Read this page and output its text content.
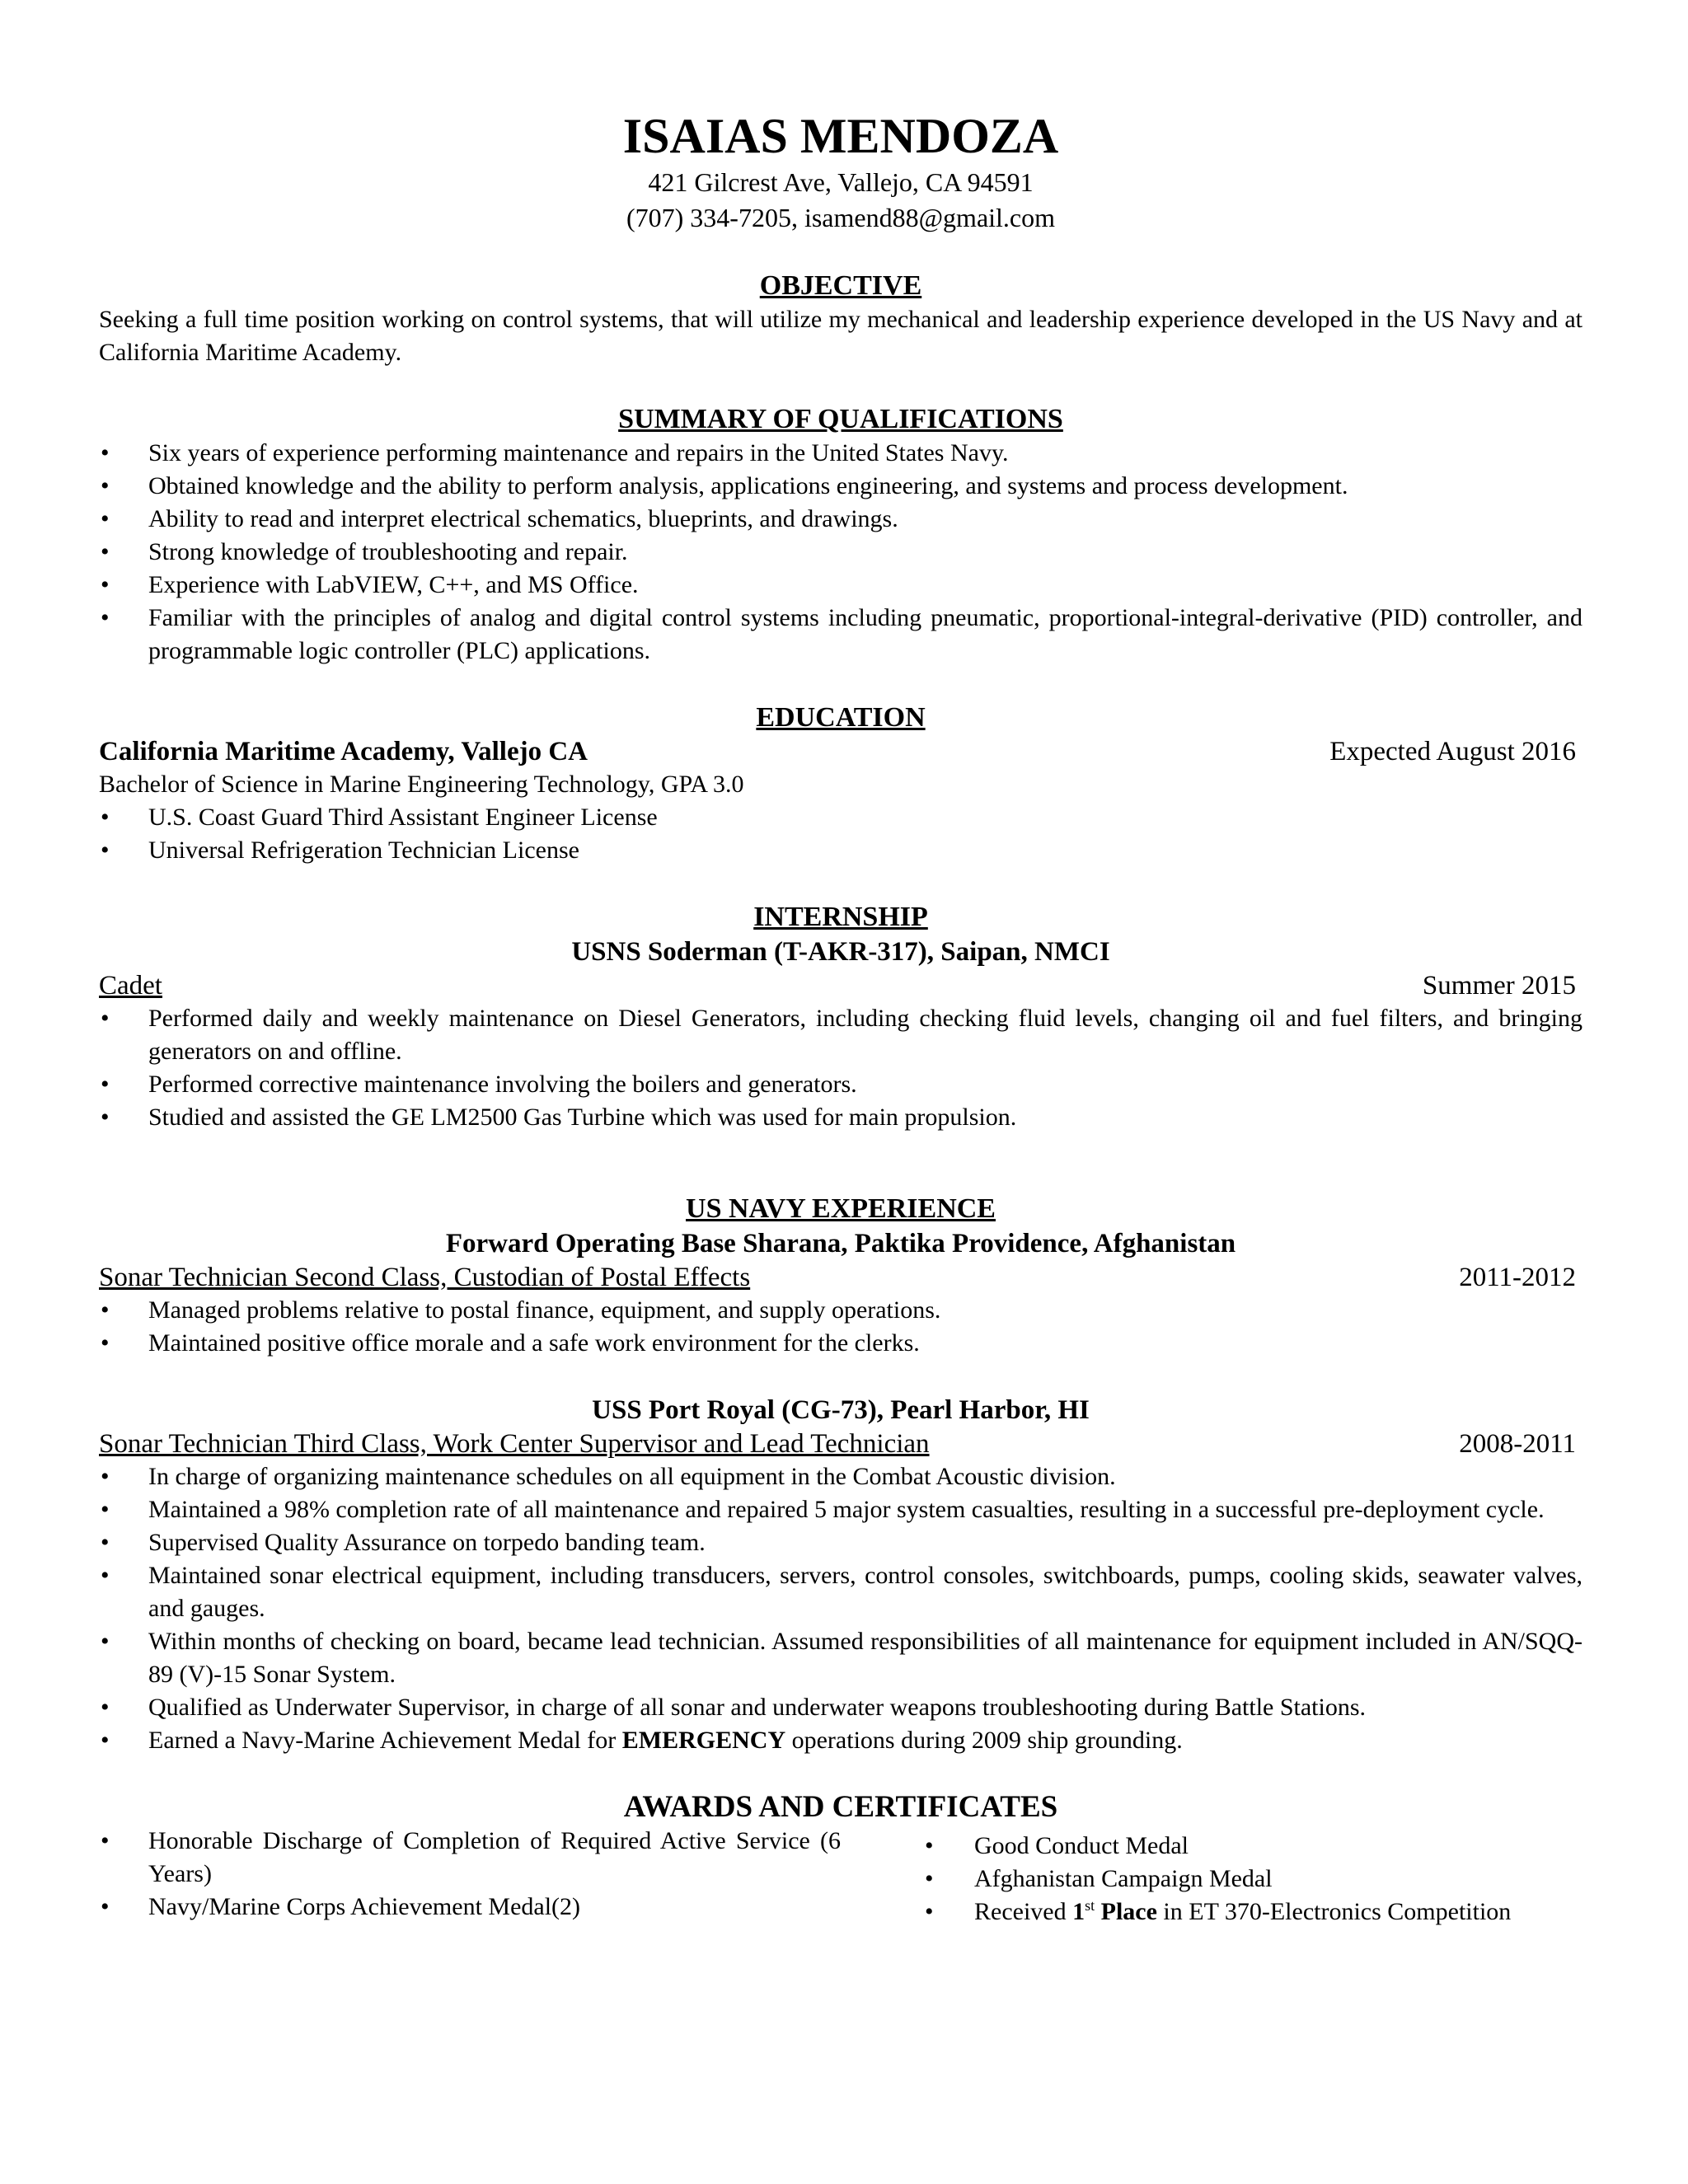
ISAIAS MENDOZA
421 Gilcrest Ave, Vallejo, CA 94591
(707) 334-7205, isamend88@gmail.com
OBJECTIVE
Seeking a full time position working on control systems, that will utilize my mechanical and leadership experience developed in the US Navy and at California Maritime Academy.
SUMMARY OF QUALIFICATIONS
• Six years of experience performing maintenance and repairs in the United States Navy.
• Obtained knowledge and the ability to perform analysis, applications engineering, and systems and process development.
• Ability to read and interpret electrical schematics, blueprints, and drawings.
• Strong knowledge of troubleshooting and repair.
• Experience with LabVIEW, C++, and MS Office.
• Familiar with the principles of analog and digital control systems including pneumatic, proportional-integral-derivative (PID) controller, and programmable logic controller (PLC) applications.
EDUCATION
California Maritime Academy, Vallejo CA	Expected August 2016
Bachelor of Science in Marine Engineering Technology, GPA 3.0
• U.S. Coast Guard Third Assistant Engineer License
• Universal Refrigeration Technician License
INTERNSHIP
USNS Soderman (T-AKR-317), Saipan, NMCI
Cadet	Summer 2015
• Performed daily and weekly maintenance on Diesel Generators, including checking fluid levels, changing oil and fuel filters, and bringing generators on and offline.
• Performed corrective maintenance involving the boilers and generators.
• Studied and assisted the GE LM2500 Gas Turbine which was used for main propulsion.
US NAVY EXPERIENCE
Forward Operating Base Sharana, Paktika Providence, Afghanistan
Sonar Technician Second Class, Custodian of Postal Effects	2011-2012
• Managed problems relative to postal finance, equipment, and supply operations.
• Maintained positive office morale and a safe work environment for the clerks.
USS Port Royal (CG-73), Pearl Harbor, HI
Sonar Technician Third Class, Work Center Supervisor and Lead Technician	2008-2011
• In charge of organizing maintenance schedules on all equipment in the Combat Acoustic division.
• Maintained a 98% completion rate of all maintenance and repaired 5 major system casualties, resulting in a successful pre-deployment cycle.
• Supervised Quality Assurance on torpedo banding team.
• Maintained sonar electrical equipment, including transducers, servers, control consoles, switchboards, pumps, cooling skids, seawater valves, and gauges.
• Within months of checking on board, became lead technician. Assumed responsibilities of all maintenance for equipment included in AN/SQQ-89 (V)-15 Sonar System.
• Qualified as Underwater Supervisor, in charge of all sonar and underwater weapons troubleshooting during Battle Stations.
• Earned a Navy-Marine Achievement Medal for EMERGENCY operations during 2009 ship grounding.
AWARDS AND CERTIFICATES
• Honorable Discharge of Completion of Required Active Service (6 Years)
• Navy/Marine Corps Achievement Medal(2)
• Good Conduct Medal
• Afghanistan Campaign Medal
• Received 1st Place in ET 370-Electronics Competition
